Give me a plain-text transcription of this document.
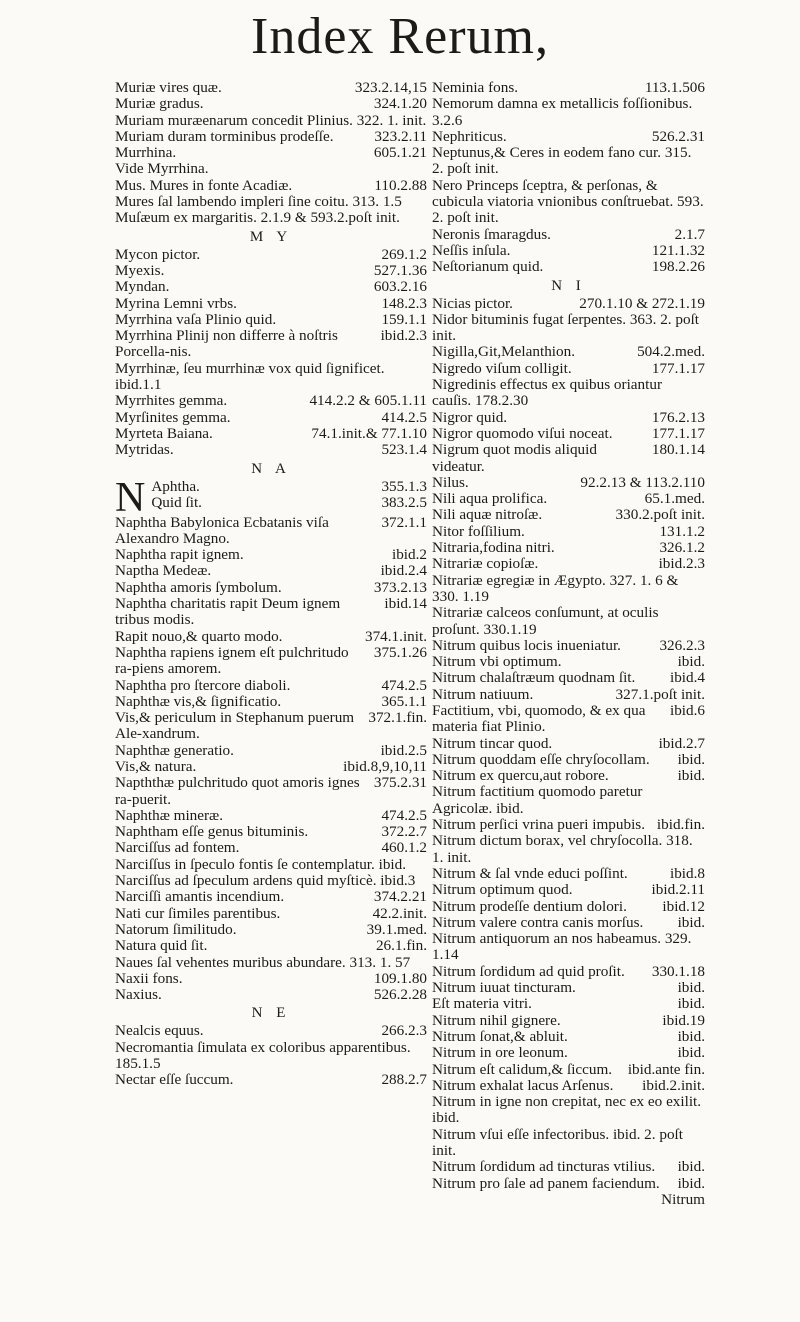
Index Rerum,
323.2.14,15
Muriæ vires quæ.
324.1.20
Muriæ gradus.
Muriam muræenarum concedit Plinius. 322. 1. init.
323.2.11
Muriam duram torminibus prodeſſe.
605.1.21
Murrhina.
Vide Myrrhina.
110.2.88
Mus. Mures in fonte Acadiæ.
Mures ſal lambendo impleri ſine coitu. 313. 1.5
Muſæum ex margaritis. 2.1.9 & 593.2.poſt init.
M Y
269.1.2
Mycon pictor.
527.1.36
Myexis.
603.2.16
Myndan.
148.2.3
Myrina Lemni vrbs.
159.1.1
Myrrhina vaſa Plinio quid.
ibid.2.3
Myrrhina Plinij non differre à noſtris Porcella-nis.
Myrrhinæ, ſeu murrhinæ vox quid ſignificet. ibid.1.1
414.2.2 & 605.1.11
Myrrhites gemma.
414.2.5
Myrſinites gemma.
74.1.init.& 77.1.10
Myrteta Baiana.
523.1.4
Mytridas.
N A
N	355.1.3
Aphtha.
383.2.5
Quid ſit.
372.1.1
Naphtha Babylonica Ecbatanis viſa Alexandro Magno.
ibid.2
Naphtha rapit ignem.
ibid.2.4
Naptha Medeæ.
373.2.13
Naphtha amoris ſymbolum.
ibid.14
Naphtha charitatis rapit Deum ignem tribus modis.
374.1.init.
Rapit nouo,& quarto modo.
375.1.26
Naphtha rapiens ignem eſt pulchritudo ra-piens amorem.
474.2.5
Naphtha pro ſtercore diaboli.
365.1.1
Naphthæ vis,& ſignificatio.
372.1.fin.
Vis,& periculum in Stephanum puerum Ale-xandrum.
ibid.2.5
Naphthæ generatio.
ibid.8,9,10,11
Vis,& natura.
375.2.31
Napththæ pulchritudo quot amoris ignes ra-puerit.
474.2.5
Naphthæ mineræ.
372.2.7
Naphtham eſſe genus bituminis.
460.1.2
Narciſſus ad fontem.
Narciſſus in ſpeculo fontis ſe contemplatur. ibid.
Narciſſus ad ſpeculum ardens quid myſticè. ibid.3
374.2.21
Narciſſi amantis incendium.
42.2.init.
Nati cur ſimiles parentibus.
39.1.med.
Natorum ſimilitudo.
26.1.fin.
Natura quid ſit.
Naues ſal vehentes muribus abundare. 313. 1. 57
109.1.80
Naxii fons.
526.2.28
Naxius.
N E
266.2.3
Nealcis equus.
Necromantia ſimulata ex coloribus apparentibus. 185.1.5
288.2.7
Nectar eſſe ſuccum.
113.1.506
Neminia fons.
Nemorum damna ex metallicis foſſionibus. 3.2.6
526.2.31
Nephriticus.
Neptunus,& Ceres in eodem fano cur. 315. 2. poſt init.
Nero Princeps ſceptra, & perſonas, & cubicula viatoria vnionibus conſtruebat. 593. 2. poſt init.
2.1.7
Neronis ſmaragdus.
121.1.32
Neſſis inſula.
198.2.26
Neſtorianum quid.
N I
270.1.10 & 272.1.19
Nicias pictor.
Nidor bituminis fugat ſerpentes. 363. 2. poſt init.
504.2.med.
Nigilla,Git,Melanthion.
177.1.17
Nigredo viſum colligit.
Nigredinis effectus ex quibus oriantur cauſis. 178.2.30
176.2.13
Nigror quid.
177.1.17
Nigror quomodo viſui noceat.
180.1.14
Nigrum quot modis aliquid videatur.
92.2.13 & 113.2.110
Nilus.
65.1.med.
Nili aqua prolifica.
330.2.poſt init.
Nili aquæ nitroſæ.
131.1.2
Nitor foſſilium.
326.1.2
Nitraria,fodina nitri.
ibid.2.3
Nitrariæ copioſæ.
Nitrariæ egregiæ in Ægypto. 327. 1. 6 & 330. 1.19
Nitrariæ calceos conſumunt, at oculis proſunt. 330.1.19
326.2.3
Nitrum quibus locis inueniatur.
ibid.
Nitrum vbi optimum.
ibid.4
Nitrum chalaſtræum quodnam ſit.
327.1.poſt init.
Nitrum natiuum.
ibid.6
Factitium, vbi, quomodo, & ex qua materia fiat Plinio.
ibid.2.7
Nitrum tincar quod.
ibid.
Nitrum quoddam eſſe chryſocollam.
ibid.
Nitrum ex quercu,aut robore.
Nitrum factitium quomodo paretur Agricolæ. ibid.
ibid.fin.
Nitrum perſici vrina pueri impubis.
Nitrum dictum borax, vel chryſocolla. 318. 1. init.
ibid.8
Nitrum & ſal vnde educi poſſint.
ibid.2.11
Nitrum optimum quod.
ibid.12
Nitrum prodeſſe dentium dolori.
ibid.
Nitrum valere contra canis morſus.
Nitrum antiquorum an nos habeamus. 329. 1.14
330.1.18
Nitrum ſordidum ad quid proſit.
ibid.
Nitrum iuuat tincturam.
ibid.
Eſt materia vitri.
ibid.19
Nitrum nihil gignere.
ibid.
Nitrum ſonat,& abluit.
ibid.
Nitrum in ore leonum.
ibid.ante fin.
Nitrum eſt calidum,& ſiccum.
ibid.2.init.
Nitrum exhalat lacus Arſenus.
Nitrum in igne non crepitat, nec ex eo exilit. ibid.
Nitrum vſui eſſe infectoribus. ibid. 2. poſt init.
ibid.
Nitrum ſordidum ad tincturas vtilius.
ibid.
Nitrum pro ſale ad panem faciendum.
Nitrum
